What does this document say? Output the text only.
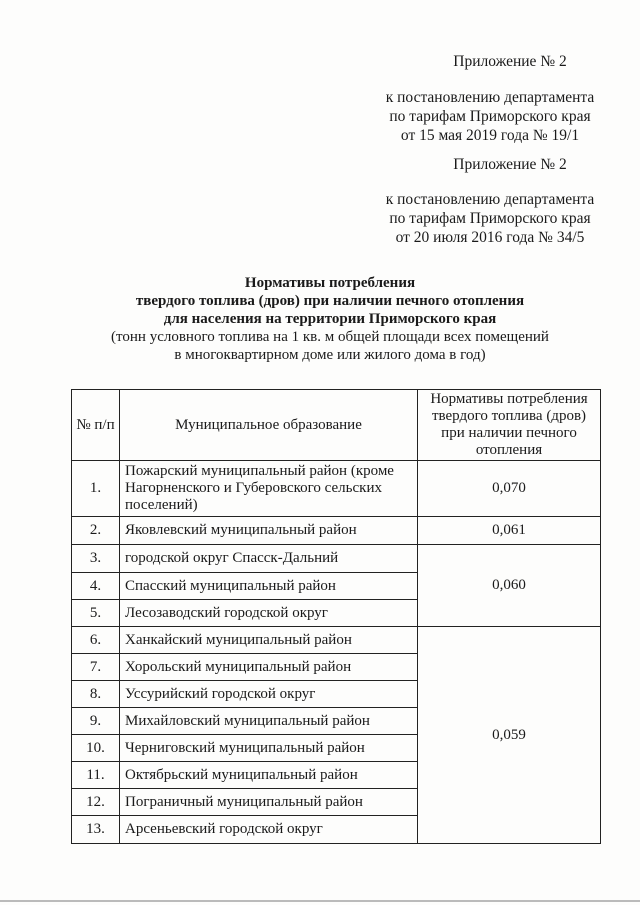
Приложение № 2
к постановлению департамента
по тарифам Приморского края
от 15 мая 2019 года № 19/1
Приложение № 2
к постановлению департамента
по тарифам Приморского края
от 20 июля 2016 года № 34/5
Нормативы потребления
твердого топлива (дров) при наличии печного отопления
для населения на территории Приморского края
(тонн условного топлива на 1 кв. м общей площади всех помещений
в многоквартирном доме или жилого дома в год)
№ п/п	Муниципальное образование	Нормативы потребления твердого топлива (дров) при наличии печного отопления
1.	Пожарский муниципальный район (кроме Нагорненского и Губеровского сельских поселений)	0,070
2.	Яковлевский муниципальный район	0,061
3.	городской округ Спасск-Дальний	0,060
4.	Спасский муниципальный район	
5.	Лесозаводский городской округ	
6.	Ханкайский муниципальный район	0,059
7.	Хорольский муниципальный район	
8.	Уссурийский городской округ	
9.	Михайловский муниципальный район	
10.	Черниговский муниципальный район	
11.	Октябрьский муниципальный район	
12.	Пограничный муниципальный район	
13.	Арсеньевский городской округ	
